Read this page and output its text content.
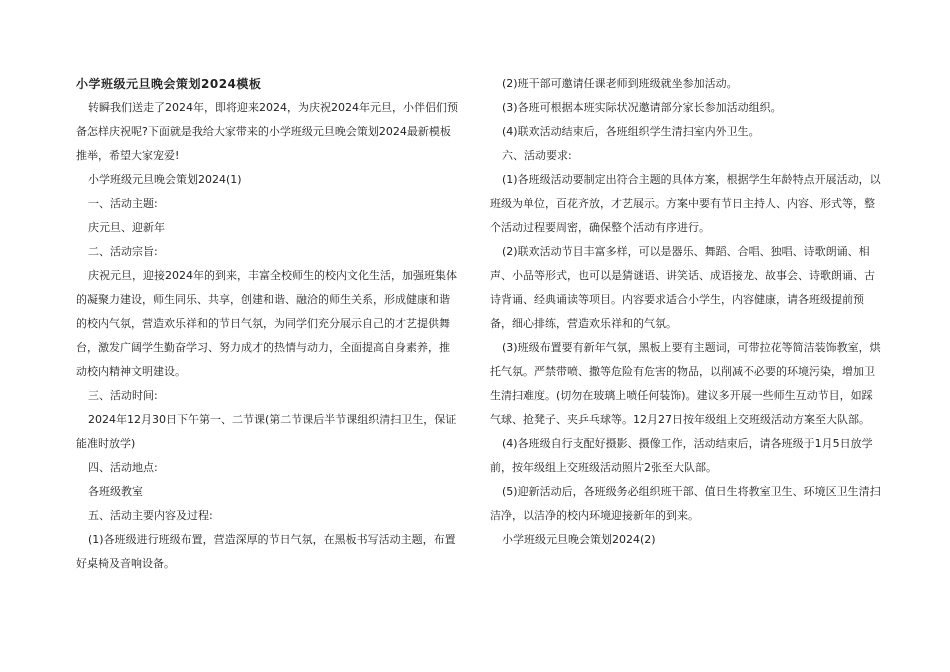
小学班级元旦晚会策划2024模板

转瞬我们送走了2024年，即将迎来2024，为庆祝2024年元旦，小伴侣们预备怎样庆祝呢?下面就是我给大家带来的小学班级元旦晚会策划2024最新模板推举，希望大家宠爱!

小学班级元旦晚会策划2024(1)

一、活动主题:

庆元旦、迎新年

二、活动宗旨:

庆祝元旦，迎接2024年的到来，丰富全校师生的校内文化生活，加强班集体的凝聚力建设，师生同乐、共享，创建和谐、融洽的师生关系，形成健康和谐的校内气氛，营造欢乐祥和的节日气氛，为同学们充分展示自己的才艺提供舞台，激发广阔学生勤奋学习、努力成才的热情与动力，全面提高自身素养，推动校内精神文明建设。

三、活动时间:

2024年12月30日下午第一、二节课(第二节课后半节课组织清扫卫生，保证能准时放学)

四、活动地点:

各班级教室

五、活动主要内容及过程:

(1)各班级进行班级布置，营造深厚的节日气氛，在黑板书写活动主题，布置好桌椅及音响设备。

(2)班干部可邀请任课老师到班级就坐参加活动。

(3)各班可根据本班实际状况邀请部分家长参加活动组织。

(4)联欢活动结束后，各班组织学生清扫室内外卫生。

六、活动要求:

(1)各班级活动要制定出符合主题的具体方案，根据学生年龄特点开展活动，以班级为单位，百花齐放，才艺展示。方案中要有节日主持人、内容、形式等，整个活动过程要周密，确保整个活动有序进行。

(2)联欢活动节目丰富多样，可以是器乐、舞蹈、合唱、独唱、诗歌朗诵、相声、小品等形式，也可以是猜谜语、讲笑话、成语接龙、故事会、诗歌朗诵、古诗背诵、经典诵读等项目。内容要求适合小学生，内容健康，请各班级提前预备，细心排练，营造欢乐祥和的气氛。

(3)班级布置要有新年气氛，黑板上要有主题词，可带拉花等简洁装饰教室，烘托气氛。严禁带喷、撒等危险有危害的物品，以削减不必要的环境污染，增加卫生清扫难度。(切勿在玻璃上喷任何装饰)。建议多开展一些师生互动节目，如踩气球、抢凳子、夹乒乓球等。12月27日按年级组上交班级活动方案至大队部。

(4)各班级自行支配好摄影、摄像工作，活动结束后，请各班级于1月5日放学前，按年级组上交班级活动照片2张至大队部。

(5)迎新活动后，各班级务必组织班干部、值日生将教室卫生、环境区卫生清扫洁净，以洁净的校内环境迎接新年的到来。

小学班级元旦晚会策划2024(2)
